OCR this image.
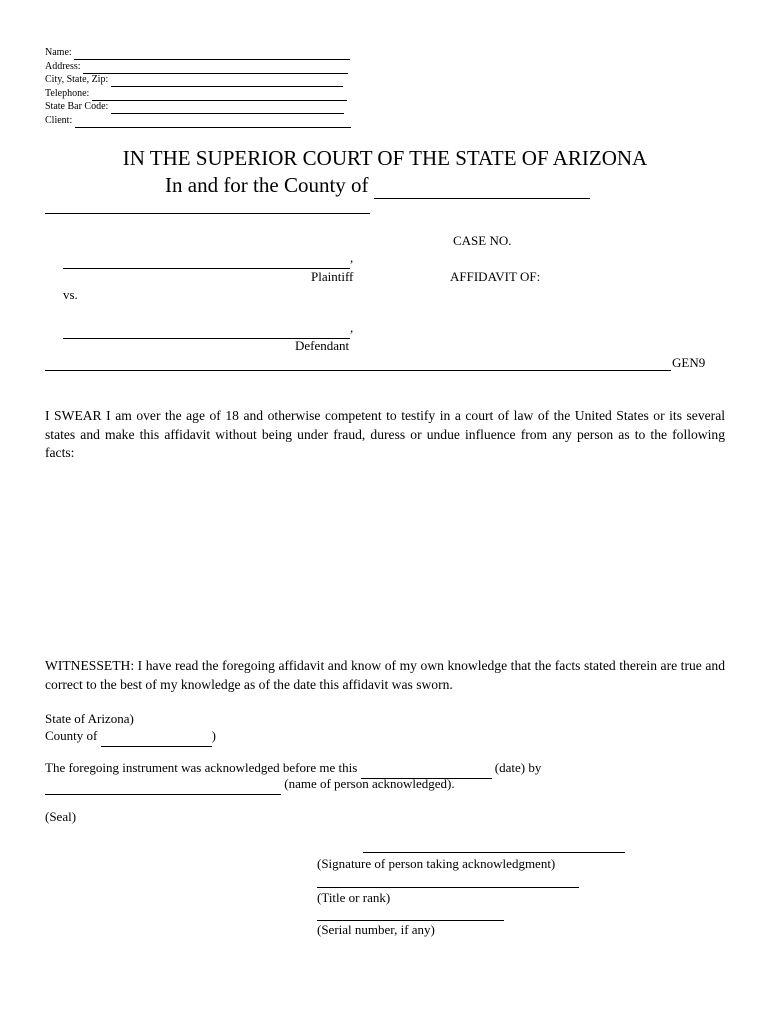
Name:
Address:
City, State, Zip:
Telephone:
State Bar Code:
Client:
IN THE SUPERIOR COURT OF THE STATE OF ARIZONA
In and for the County of
,
Plaintiff
vs.
,
Defendant
CASE NO.
AFFIDAVIT OF:
GEN9
I SWEAR I am over the age of 18 and otherwise competent to testify in a court of law of the United States or its several states and make this affidavit without being under fraud, duress or undue influence from any person as to the following facts:
WITNESSETH: I have read the foregoing affidavit and know of my own knowledge that the facts stated therein are true and correct to the best of my knowledge as of the date this affidavit was sworn.
State of Arizona)
County of	)
The foregoing instrument was acknowledged before me this	(date) by
(name of person acknowledged).
(Seal)
(Signature of person taking acknowledgment)
(Title or rank)
(Serial number, if any)
